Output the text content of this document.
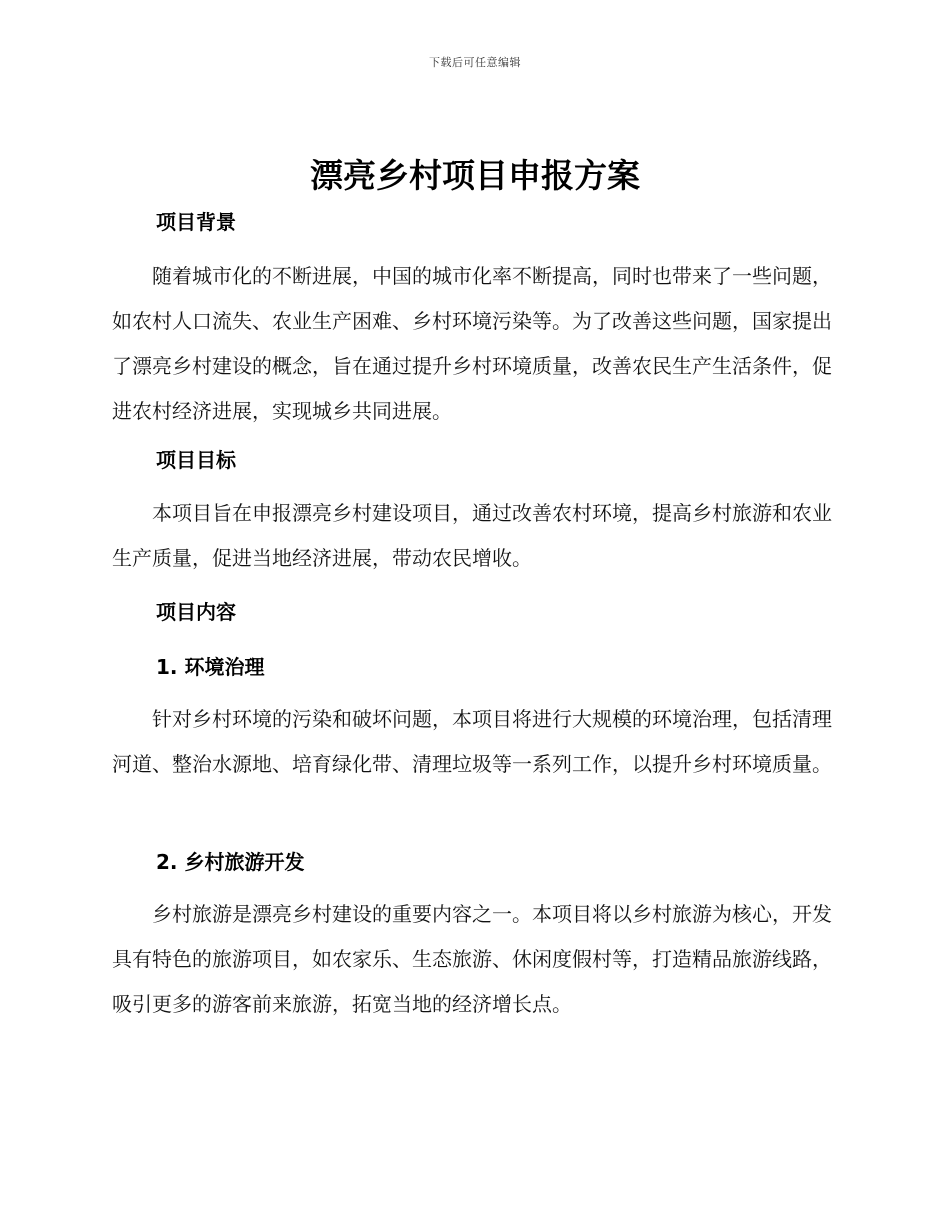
下载后可任意编辑
漂亮乡村项目申报方案
项目背景

随着城市化的不断进展，中国的城市化率不断提高，同时也带来了一些问题，如农村人口流失、农业生产困难、乡村环境污染等。为了改善这些问题，国家提出了漂亮乡村建设的概念，旨在通过提升乡村环境质量，改善农民生产生活条件，促进农村经济进展，实现城乡共同进展。

项目目标

本项目旨在申报漂亮乡村建设项目，通过改善农村环境，提高乡村旅游和农业生产质量，促进当地经济进展，带动农民增收。

项目内容
1. 环境治理

针对乡村环境的污染和破坏问题，本项目将进行大规模的环境治理，包括清理河道、整治水源地、培育绿化带、清理垃圾等一系列工作，以提升乡村环境质量。

2. 乡村旅游开发

乡村旅游是漂亮乡村建设的重要内容之一。本项目将以乡村旅游为核心，开发具有特色的旅游项目，如农家乐、生态旅游、休闲度假村等，打造精品旅游线路，吸引更多的游客前来旅游，拓宽当地的经济增长点。
